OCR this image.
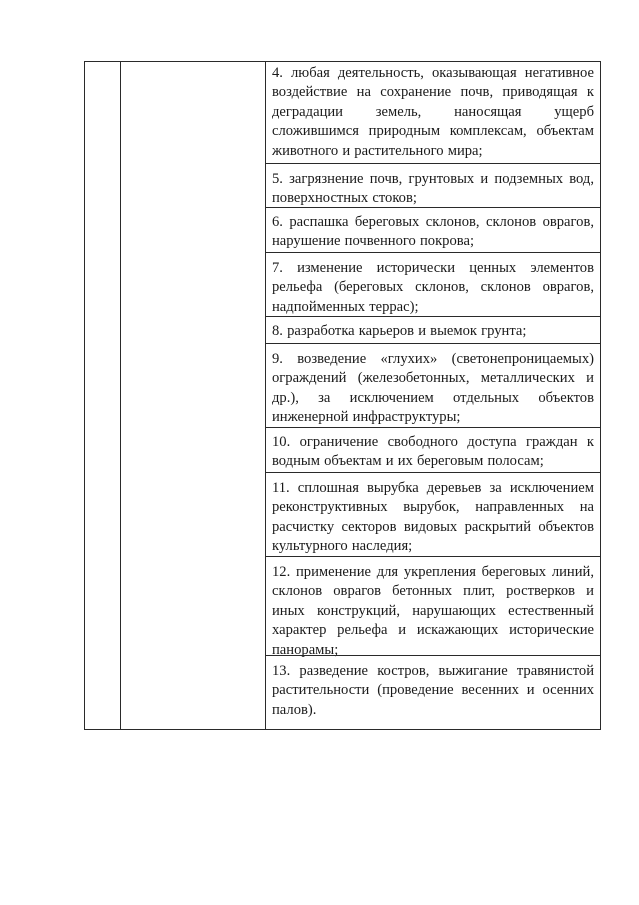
4. любая деятельность, оказывающая негативное воздействие на сохранение почв, приводящая к деградации земель, наносящая ущерб сложившимся природным комплексам, объектам животного и растительного мира;
5. загрязнение почв, грунтовых и подземных вод, поверхностных стоков;
6. распашка береговых склонов, склонов оврагов, нарушение почвенного покрова;
7. изменение исторически ценных элементов рельефа (береговых склонов, склонов оврагов, надпойменных террас);
8. разработка карьеров и выемок грунта;
9. возведение «глухих» (светонепроницаемых) ограждений (железобетонных, металлических и др.), за исключением отдельных объектов инженерной инфраструктуры;
10. ограничение свободного доступа граждан к водным объектам и их береговым полосам;
11. сплошная вырубка деревьев за исключением реконструктивных вырубок, направленных на расчистку секторов видовых раскрытий объектов культурного наследия;
12. применение для укрепления береговых линий, склонов оврагов бетонных плит, ростверков и иных конструкций, нарушающих естественный характер рельефа и искажающих исторические панорамы;
13. разведение костров, выжигание травянистой растительности (проведение весенних и осенних палов).
